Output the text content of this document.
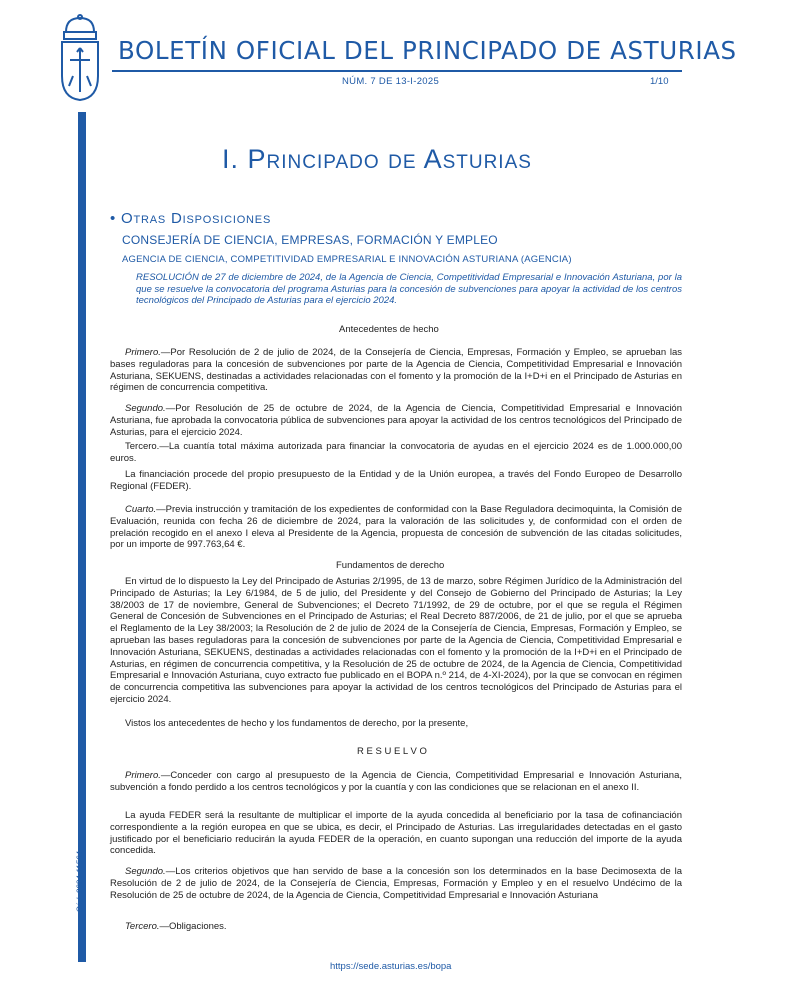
BOLETÍN OFICIAL DEL PRINCIPADO DE ASTURIAS
NÚM. 7 DE 13-I-2025	1/10
Cód. 2024-11564
I. Principado de Asturias
• Otras Disposiciones
CONSEJERÍA DE CIENCIA, EMPRESAS, FORMACIÓN Y EMPLEO
AGENCIA DE CIENCIA, COMPETITIVIDAD EMPRESARIAL E INNOVACIÓN ASTURIANA (AGENCIA)
RESOLUCIÓN de 27 de diciembre de 2024, de la Agencia de Ciencia, Competitividad Empresarial e Innovación Asturiana, por la que se resuelve la convocatoria del programa Asturias para la concesión de subvenciones para apoyar la actividad de los centros tecnológicos del Principado de Asturias para el ejercicio 2024.
Antecedentes de hecho

Primero.—Por Resolución de 2 de julio de 2024, de la Consejería de Ciencia, Empresas, Formación y Empleo, se aprueban las bases reguladoras para la concesión de subvenciones por parte de la Agencia de Ciencia, Competitividad Empresarial e Innovación Asturiana, SEKUENS, destinadas a actividades relacionadas con el fomento y la promoción de la I+D+i en el Principado de Asturias en régimen de concurrencia competitiva.

Segundo.—Por Resolución de 25 de octubre de 2024, de la Agencia de Ciencia, Competitividad Empresarial e Innovación Asturiana, fue aprobada la convocatoria pública de subvenciones para apoyar la actividad de los centros tecnológicos del Principado de Asturias, para el ejercicio 2024.

Tercero.—La cuantía total máxima autorizada para financiar la convocatoria de ayudas en el ejercicio 2024 es de 1.000.000,00 euros.

La financiación procede del propio presupuesto de la Entidad y de la Unión europea, a través del Fondo Europeo de Desarrollo Regional (FEDER).

Cuarto.—Previa instrucción y tramitación de los expedientes de conformidad con la Base Reguladora decimoquinta, la Comisión de Evaluación, reunida con fecha 26 de diciembre de 2024, para la valoración de las solicitudes y, de conformidad con el orden de prelación recogido en el anexo I eleva al Presidente de la Agencia, propuesta de concesión de subvención de las citadas solicitudes, por un importe de 997.763,64 €.

Fundamentos de derecho

En virtud de lo dispuesto la Ley del Principado de Asturias 2/1995, de 13 de marzo, sobre Régimen Jurídico de la Administración del Principado de Asturias; la Ley 6/1984, de 5 de julio, del Presidente y del Consejo de Gobierno del Principado de Asturias; la Ley 38/2003 de 17 de noviembre, General de Subvenciones; el Decreto 71/1992, de 29 de octubre, por el que se regula el Régimen General de Concesión de Subvenciones en el Principado de Asturias; el Real Decreto 887/2006, de 21 de julio, por el que se aprueba el Reglamento de la Ley 38/2003; la Resolución de 2 de julio de 2024 de la Consejería de Ciencia, Empresas, Formación y Empleo, se aprueban las bases reguladoras para la concesión de subvenciones por parte de la Agencia de Ciencia, Competitividad Empresarial e Innovación Asturiana, SEKUENS, destinadas a actividades relacionadas con el fomento y la promoción de la I+D+i en el Principado de Asturias, en régimen de concurrencia competitiva, y la Resolución de 25 de octubre de 2024, de la Agencia de Ciencia, Competitividad Empresarial e Innovación Asturiana, cuyo extracto fue publicado en el BOPA n.º 214, de 4-XI-2024), por la que se convocan en régimen de concurrencia competitiva las subvenciones para apoyar la actividad de los centros tecnológicos del Principado de Asturias para el ejercicio 2024.

Vistos los antecedentes de hecho y los fundamentos de derecho, por la presente,

R E S U E L V O

Primero.—Conceder con cargo al presupuesto de la Agencia de Ciencia, Competitividad Empresarial e Innovación Asturiana, subvención a fondo perdido a los centros tecnológicos y por la cuantía y con las condiciones que se relacionan en el anexo II.

La ayuda FEDER será la resultante de multiplicar el importe de la ayuda concedida al beneficiario por la tasa de cofinanciación correspondiente a la región europea en que se ubica, es decir, el Principado de Asturias. Las irregularidades detectadas en el gasto justificado por el beneficiario reducirán la ayuda FEDER de la operación, en cuanto supongan una reducción del importe de la ayuda concedida.

Segundo.—Los criterios objetivos que han servido de base a la concesión son los determinados en la base Decimosexta de la Resolución de 2 de julio de 2024, de la Consejería de Ciencia, Empresas, Formación y Empleo y en el resuelvo Undécimo de la Resolución de 25 de octubre de 2024, de la Agencia de Ciencia, Competitividad Empresarial e Innovación Asturiana

Tercero.—Obligaciones.

https://sede.asturias.es/bopa
